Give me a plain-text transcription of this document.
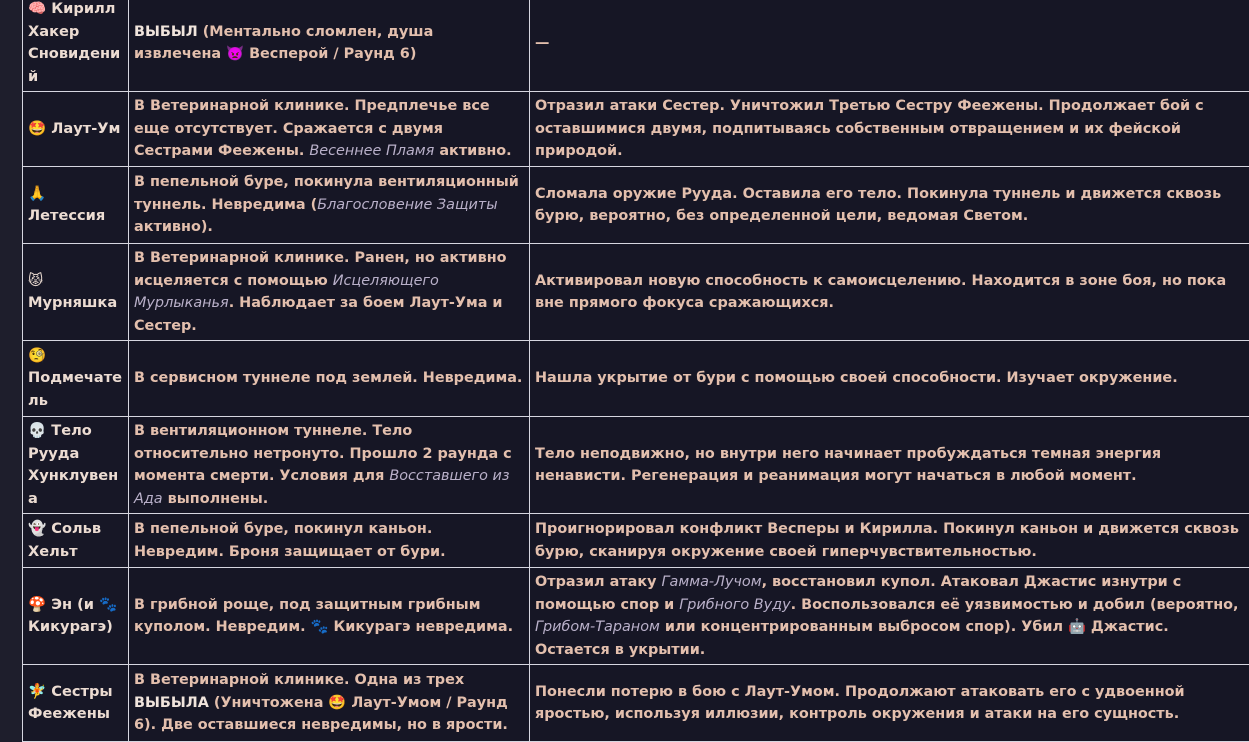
🧠 Кирилл Хакер Сновидений	ВЫБЫЛ (Ментально сломлен, душа извлечена 👿 Весперой / Раунд 6)	—
🤩 Лаут-Ум	В Ветеринарной клинике. Предплечье все еще отсутствует. Сражается с двумя Сестрами Феежены. Весеннее Пламя активно.	Отразил атаки Сестер. Уничтожил Третью Сестру Феежены. Продолжает бой с оставшимися двумя, подпитываясь собственным отвращением и их фейской природой.
🙏 Летессия	В пепельной буре, покинула вентиляционный туннель. Невредима (Благословение Защиты активно).	Сломала оружие Рууда. Оставила его тело. Покинула туннель и движется сквозь бурю, вероятно, без определенной цели, ведомая Светом.
😾 Мурняшка	В Ветеринарной клинике. Ранен, но активно исцеляется с помощью Исцеляющего Мурлыканья. Наблюдает за боем Лаут-Ума и Сестер.	Активировал новую способность к самоисцелению. Находится в зоне боя, но пока вне прямого фокуса сражающихся.
🧐 Подмечатель	В сервисном туннеле под землей. Невредима.	Нашла укрытие от бури с помощью своей способности. Изучает окружение.
💀 Тело Рууда Хунклувена	В вентиляционном туннеле. Тело относительно нетронуто. Прошло 2 раунда с момента смерти. Условия для Восставшего из Ада выполнены.	Тело неподвижно, но внутри него начинает пробуждаться темная энергия ненависти. Регенерация и реанимация могут начаться в любой момент.
👻 Сольв Хельт	В пепельной буре, покинул каньон. Невредим. Броня защищает от бури.	Проигнорировал конфликт Весперы и Кирилла. Покинул каньон и движется сквозь бурю, сканируя окружение своей гиперчувствительностью.
🍄 Эн (и 🐾 Кикурагэ)	В грибной роще, под защитным грибным куполом. Невредим. 🐾 Кикурагэ невредима.	Отразил атаку Гамма-Лучом, восстановил купол. Атаковал Джастис изнутри с помощью спор и Грибного Вуду. Воспользовался её уязвимостью и добил (вероятно, Грибом-Тараном или концентрированным выбросом спор). Убил 🤖 Джастис. Остается в укрытии.
🧚 Сестры Феежены	В Ветеринарной клинике. Одна из трех ВЫБЫЛА (Уничтожена 🤩 Лаут-Умом / Раунд 6). Две оставшиеся невредимы, но в ярости.	Понесли потерю в бою с Лаут-Умом. Продолжают атаковать его с удвоенной яростью, используя иллюзии, контроль окружения и атаки на его сущность.
